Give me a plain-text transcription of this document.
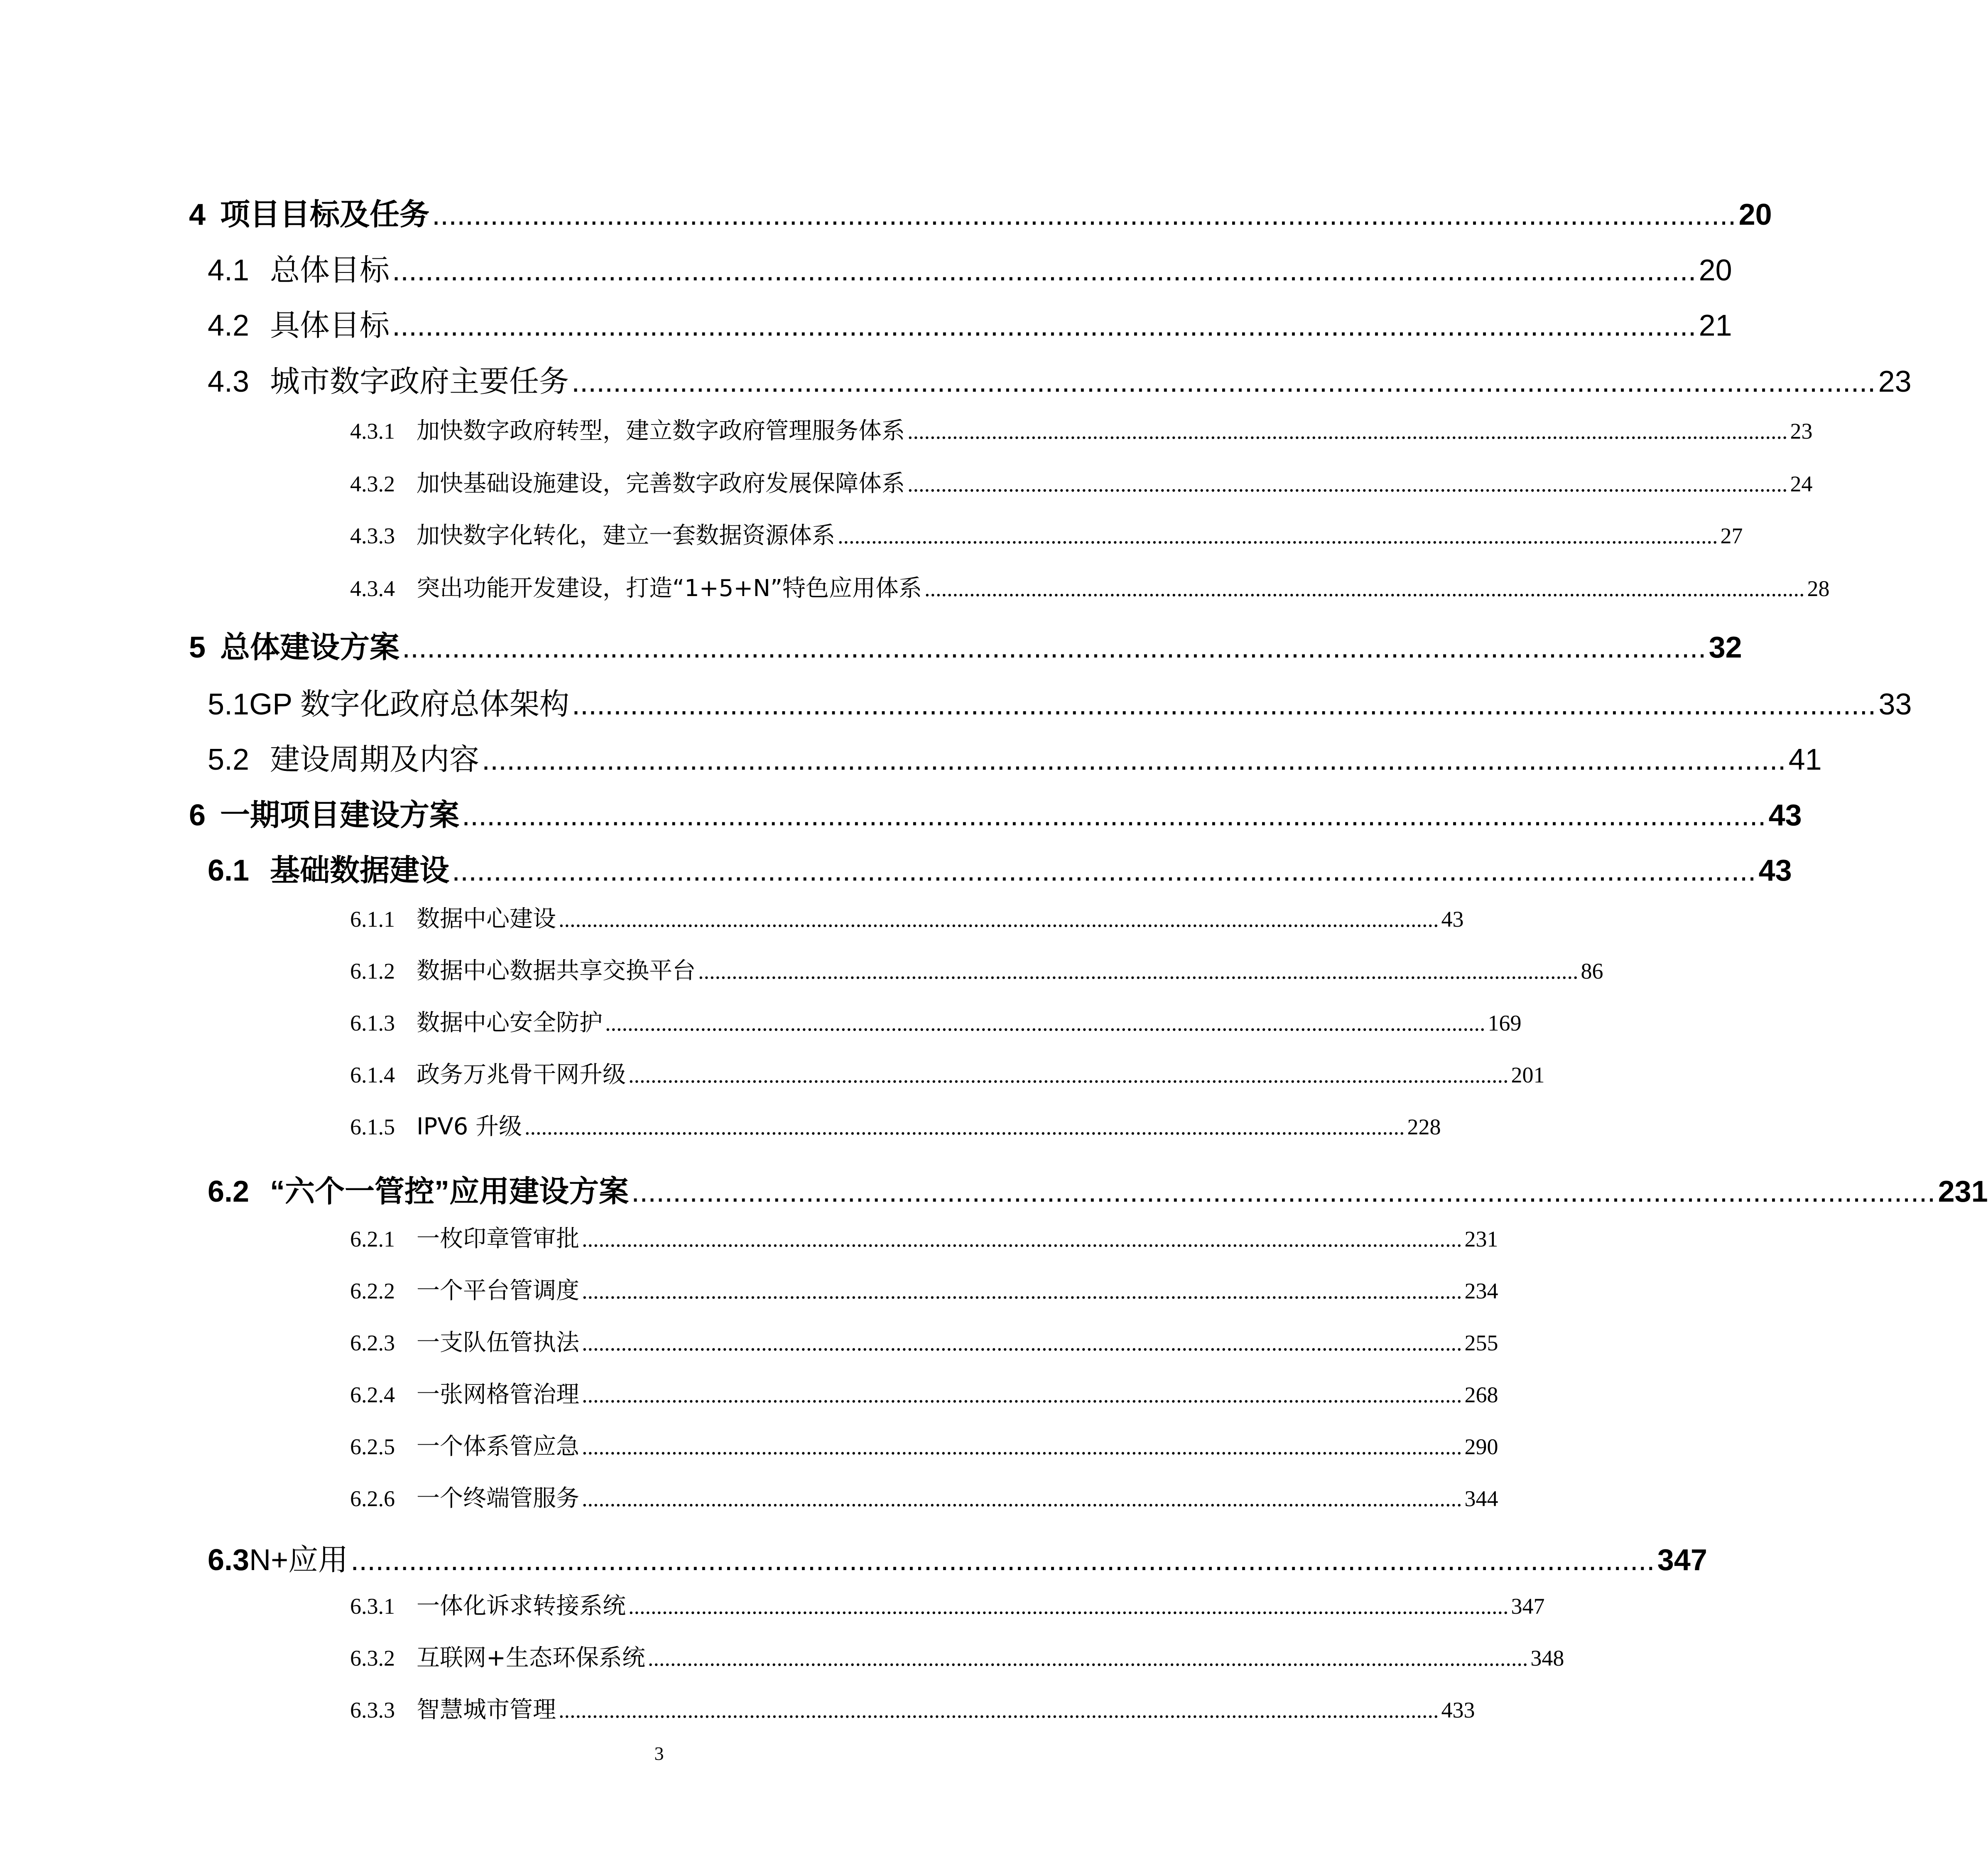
4 项目目标及任务 ............................................................................................................................................................. 20
4.1 总体目标 ............................................................................................................................................................. 20
4.2 具体目标 ............................................................................................................................................................. 21
4.3 城市数字政府主要任务 ............................................................................................................................................................. 23
4.3.1 加快数字政府转型，建立数字政府管理服务体系 ............................................................................................................................................................. 23
4.3.2 加快基础设施建设，完善数字政府发展保障体系 ............................................................................................................................................................. 24
4.3.3 加快数字化转化，建立一套数据资源体系 ............................................................................................................................................................. 27
4.3.4 突出功能开发建设，打造“1+5+N”特色应用体系 ............................................................................................................................................................. 28
5 总体建设方案 ............................................................................................................................................................. 32
5.1 GP 数字化政府总体架构 ............................................................................................................................................................. 33
5.2 建设周期及内容 ............................................................................................................................................................. 41
6 一期项目建设方案 ............................................................................................................................................................. 43
6.1 基础数据建设 ............................................................................................................................................................. 43
6.1.1 数据中心建设 ............................................................................................................................................................. 43
6.1.2 数据中心数据共享交换平台 ............................................................................................................................................................. 86
6.1.3 数据中心安全防护 ............................................................................................................................................................. 169
6.1.4 政务万兆骨干网升级 ............................................................................................................................................................. 201
6.1.5 IPV6 升级 ............................................................................................................................................................. 228
6.2 “六个一管控”应用建设方案 ............................................................................................................................................................. 231
6.2.1 一枚印章管审批 ............................................................................................................................................................. 231
6.2.2 一个平台管调度 ............................................................................................................................................................. 234
6.2.3 一支队伍管执法 ............................................................................................................................................................. 255
6.2.4 一张网格管治理 ............................................................................................................................................................. 268
6.2.5 一个体系管应急 ............................................................................................................................................................. 290
6.2.6 一个终端管服务 ............................................................................................................................................................. 344
6.3 N+应用 ............................................................................................................................................................. 347
6.3.1 一体化诉求转接系统 ............................................................................................................................................................. 347
6.3.2 互联网+生态环保系统 ............................................................................................................................................................. 348
6.3.3 智慧城市管理 ............................................................................................................................................................. 433
3
